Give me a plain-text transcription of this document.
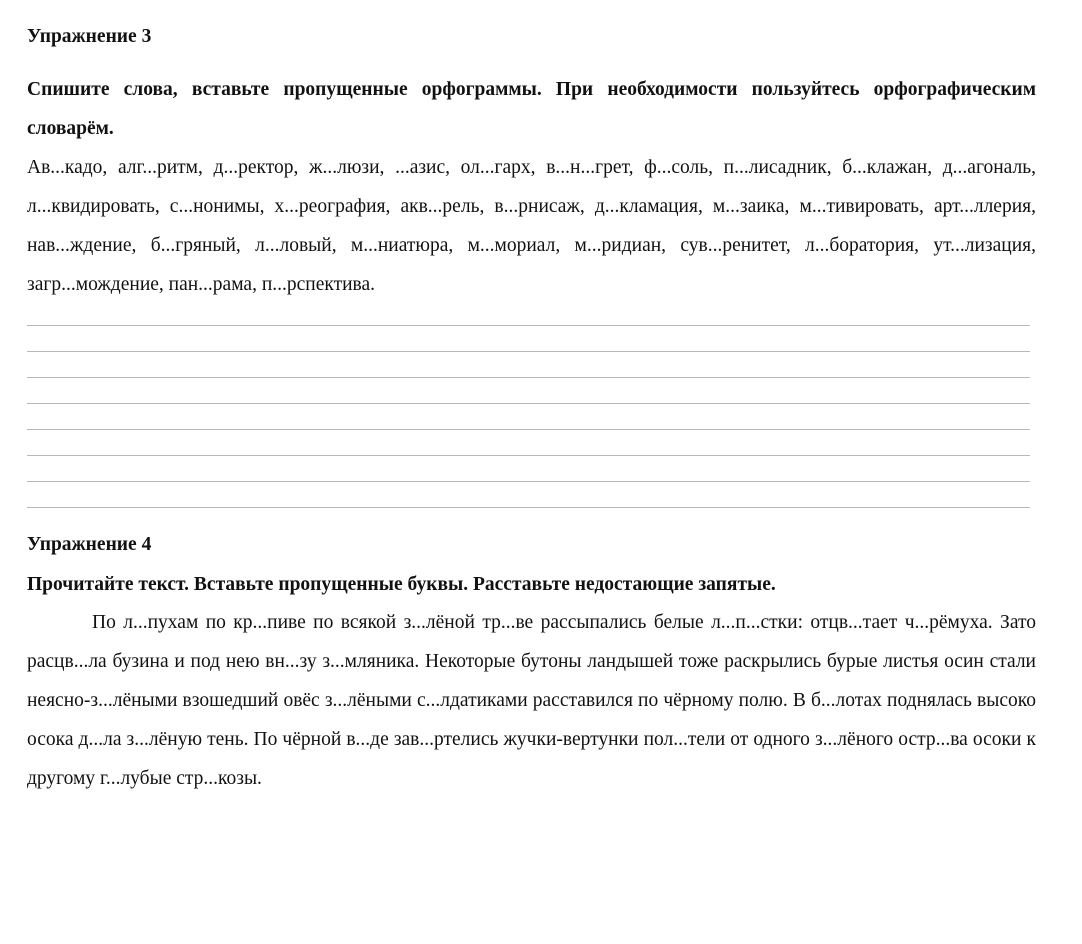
Упражнение 3

Спишите слова, вставьте пропущенные орфограммы. При необходимости пользуйтесь орфографическим словарём.

Ав...кадо, алг...ритм, д...ректор, ж...люзи, ...азис, ол...гарх, в...н...грет, ф...соль, п...лисадник, б...клажан, д...агональ, л...квидировать, с...нонимы, х...реография, акв...рель, в...рнисаж, д...кламация, м...заика, м...тивировать, арт...ллерия, нав...ждение, б...гряный, л...ловый, м...ниатюра, м...мориал, м...ридиан, сув...ренитет, л...боратория, ут...лизация, загр...мождение, пан...рама, п...рспектива.

Упражнение 4

Прочитайте текст. Вставьте пропущенные буквы. Расставьте недостающие запятые.

По л...пухам по кр...пиве по всякой з...лёной тр...ве рассыпались белые л...п...стки: отцв...тает ч...рёмуха. Зато расцв...ла бузина и под нею вн...зу з...мляника. Некоторые бутоны ландышей тоже раскрылись бурые листья осин стали неясно-з...лёными взошедший овёс з...лёными с...лдатиками расставился по чёрному полю. В б...лотах поднялась высоко осока д...ла з...лёную тень. По чёрной в...де зав...ртелись жучки-вертунки пол...тели от одного з...лёного остр...ва осоки к другому г...лубые стр...козы.
